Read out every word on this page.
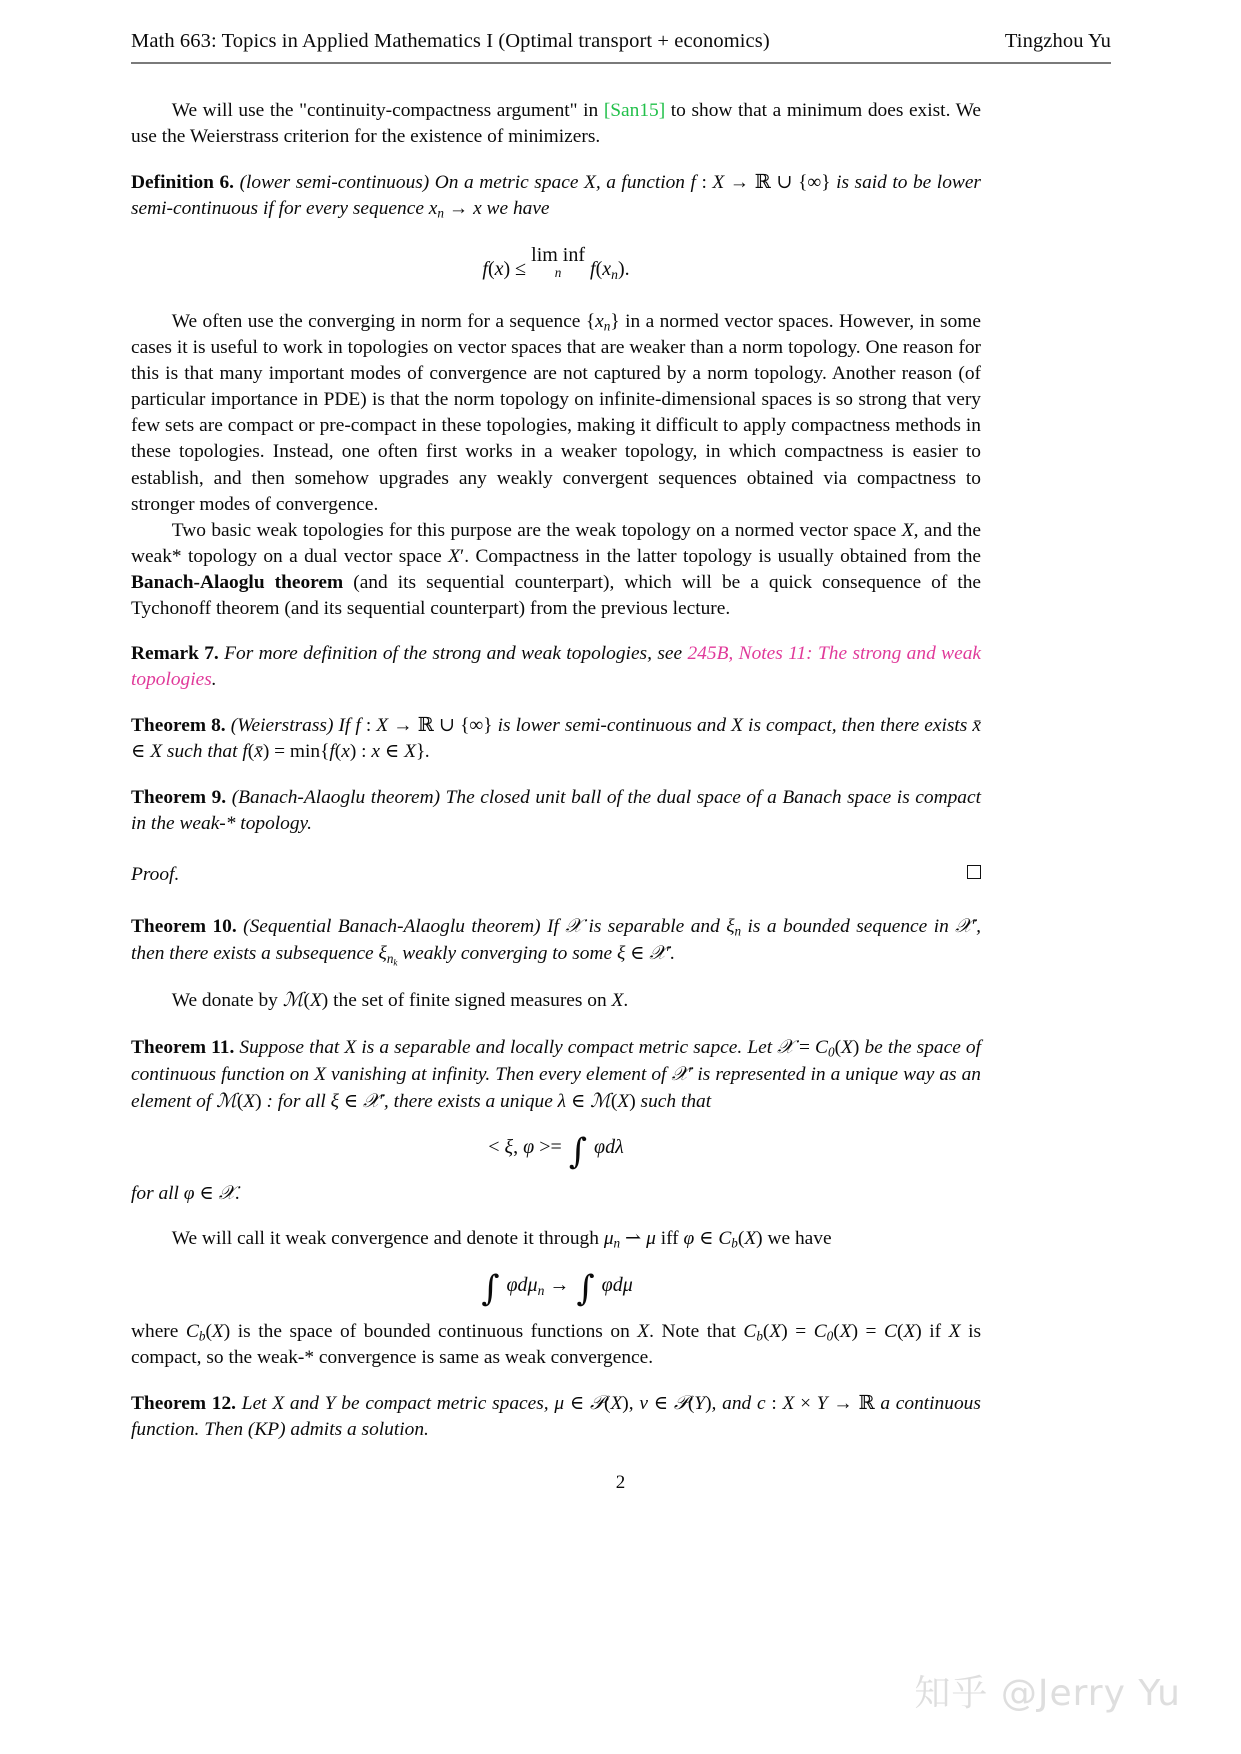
Math 663: Topics in Applied Mathematics I (Optimal transport + economics)	Tingzhou Yu

We will use the "continuity-compactness argument" in [San15] to show that a minimum does exist. We use the Weierstrass criterion for the existence of minimizers.

Definition 6. (lower semi-continuous) On a metric space X, a function f : X → ℝ ∪ {∞} is said to be lower semi-continuous if for every sequence $x_n \to x$ we have

f(x) ≤ lim inf
n	$f(x_n)$.

We often use the converging in norm for a sequence $\{x_n\}$ in a normed vector spaces. However, in some cases it is useful to work in topologies on vector spaces that are weaker than a norm topology. One reason for this is that many important modes of convergence are not captured by a norm topology. Another reason (of particular importance in PDE) is that the norm topology on infinite-dimensional spaces is so strong that very few sets are compact or pre-compact in these topologies, making it difficult to apply compactness methods in these topologies. Instead, one often first works in a weaker topology, in which compactness is easier to establish, and then somehow upgrades any weakly convergent sequences obtained via compactness to stronger modes of convergence.

Two basic weak topologies for this purpose are the weak topology on a normed vector space X, and the weak* topology on a dual vector space X′. Compactness in the latter topology is usually obtained from the Banach-Alaoglu theorem (and its sequential counterpart), which will be a quick consequence of the Tychonoff theorem (and its sequential counterpart) from the previous lecture.

Remark 7. For more definition of the strong and weak topologies, see 245B, Notes 11: The strong and weak topologies.

Theorem 8. (Weierstrass) If f : X → ℝ ∪ {∞} is lower semi-continuous and X is compact, then there exists x̄ ∈ X such that f(x̄) = min{f(x) : x ∈ X}.

Theorem 9. (Banach-Alaoglu theorem) The closed unit ball of the dual space of a Banach space is compact in the weak-* topology.

Proof.

Theorem 10. (Sequential Banach-Alaoglu theorem) If 𝒳 is separable and $\xi_n$ is a bounded sequence in 𝒳′, then there exists a subsequence $\xi_{n_k}$ weakly converging to some ξ ∈ 𝒳′.

We donate by ℳ(X) the set of finite signed measures on X.

Theorem 11. Suppose that X is a separable and locally compact metric sapce. Let 𝒳 = $C_0(X)$ be the space of continuous function on X vanishing at infinity. Then every element of 𝒳′ is represented in a unique way as an element of ℳ(X) : for all ξ ∈ 𝒳′, there exists a unique λ ∈ ℳ(X) such that

< ξ, φ >= ∫ φdλ

for all φ ∈ 𝒳.

We will call it weak convergence and denote it through $\mu_n$ ⇀ μ iff φ ∈ $C_b(X)$ we have

∫ φdμ$_n$ → ∫ φdμ

where $C_b(X)$ is the space of bounded continuous functions on X. Note that $C_b(X) = C_0(X) = C(X)$ if X is compact, so the weak-* convergence is same as weak convergence.

Theorem 12. Let X and Y be compact metric spaces, μ ∈ 𝒫(X), ν ∈ 𝒫(Y), and c : X × Y → ℝ a continuous function. Then (KP) admits a solution.

2
知乎 @Jerry Yu
